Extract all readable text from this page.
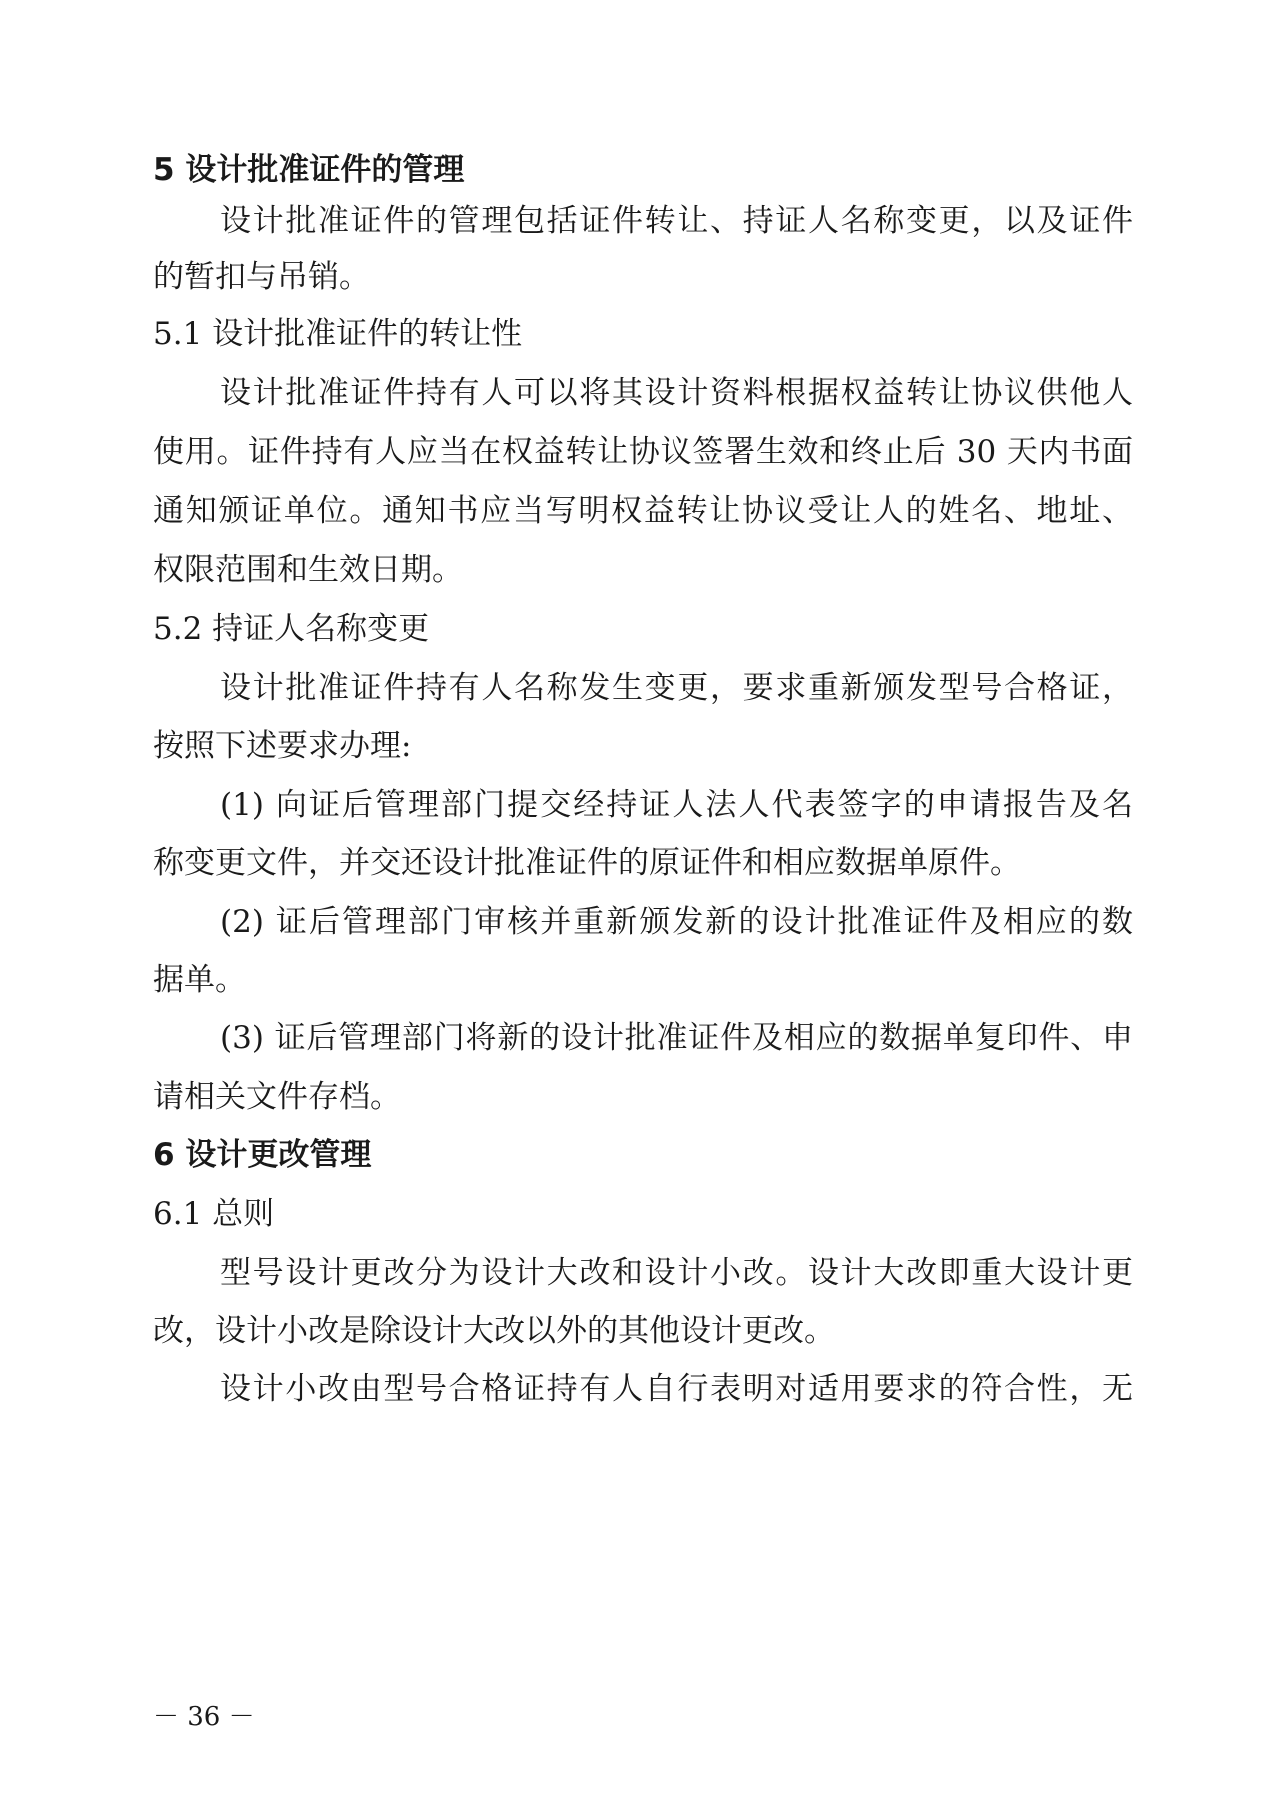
5 设计批准证件的管理

设计批准证件的管理包括证件转让、持证人名称变更，以及证件

的暂扣与吊销。

5.1 设计批准证件的转让性

设计批准证件持有人可以将其设计资料根据权益转让协议供他人

使用。证件持有人应当在权益转让协议签署生效和终止后 30 天内书面

通知颁证单位。通知书应当写明权益转让协议受让人的姓名、地址、

权限范围和生效日期。

5.2 持证人名称变更

设计批准证件持有人名称发生变更，要求重新颁发型号合格证，

按照下述要求办理:

(1) 向证后管理部门提交经持证人法人代表签字的申请报告及名

称变更文件，并交还设计批准证件的原证件和相应数据单原件。

(2) 证后管理部门审核并重新颁发新的设计批准证件及相应的数

据单。

(3) 证后管理部门将新的设计批准证件及相应的数据单复印件、申

请相关文件存档。

6 设计更改管理

6.1 总则

型号设计更改分为设计大改和设计小改。设计大改即重大设计更

改，设计小改是除设计大改以外的其他设计更改。

设计小改由型号合格证持有人自行表明对适用要求的符合性，无

－ 36 －
